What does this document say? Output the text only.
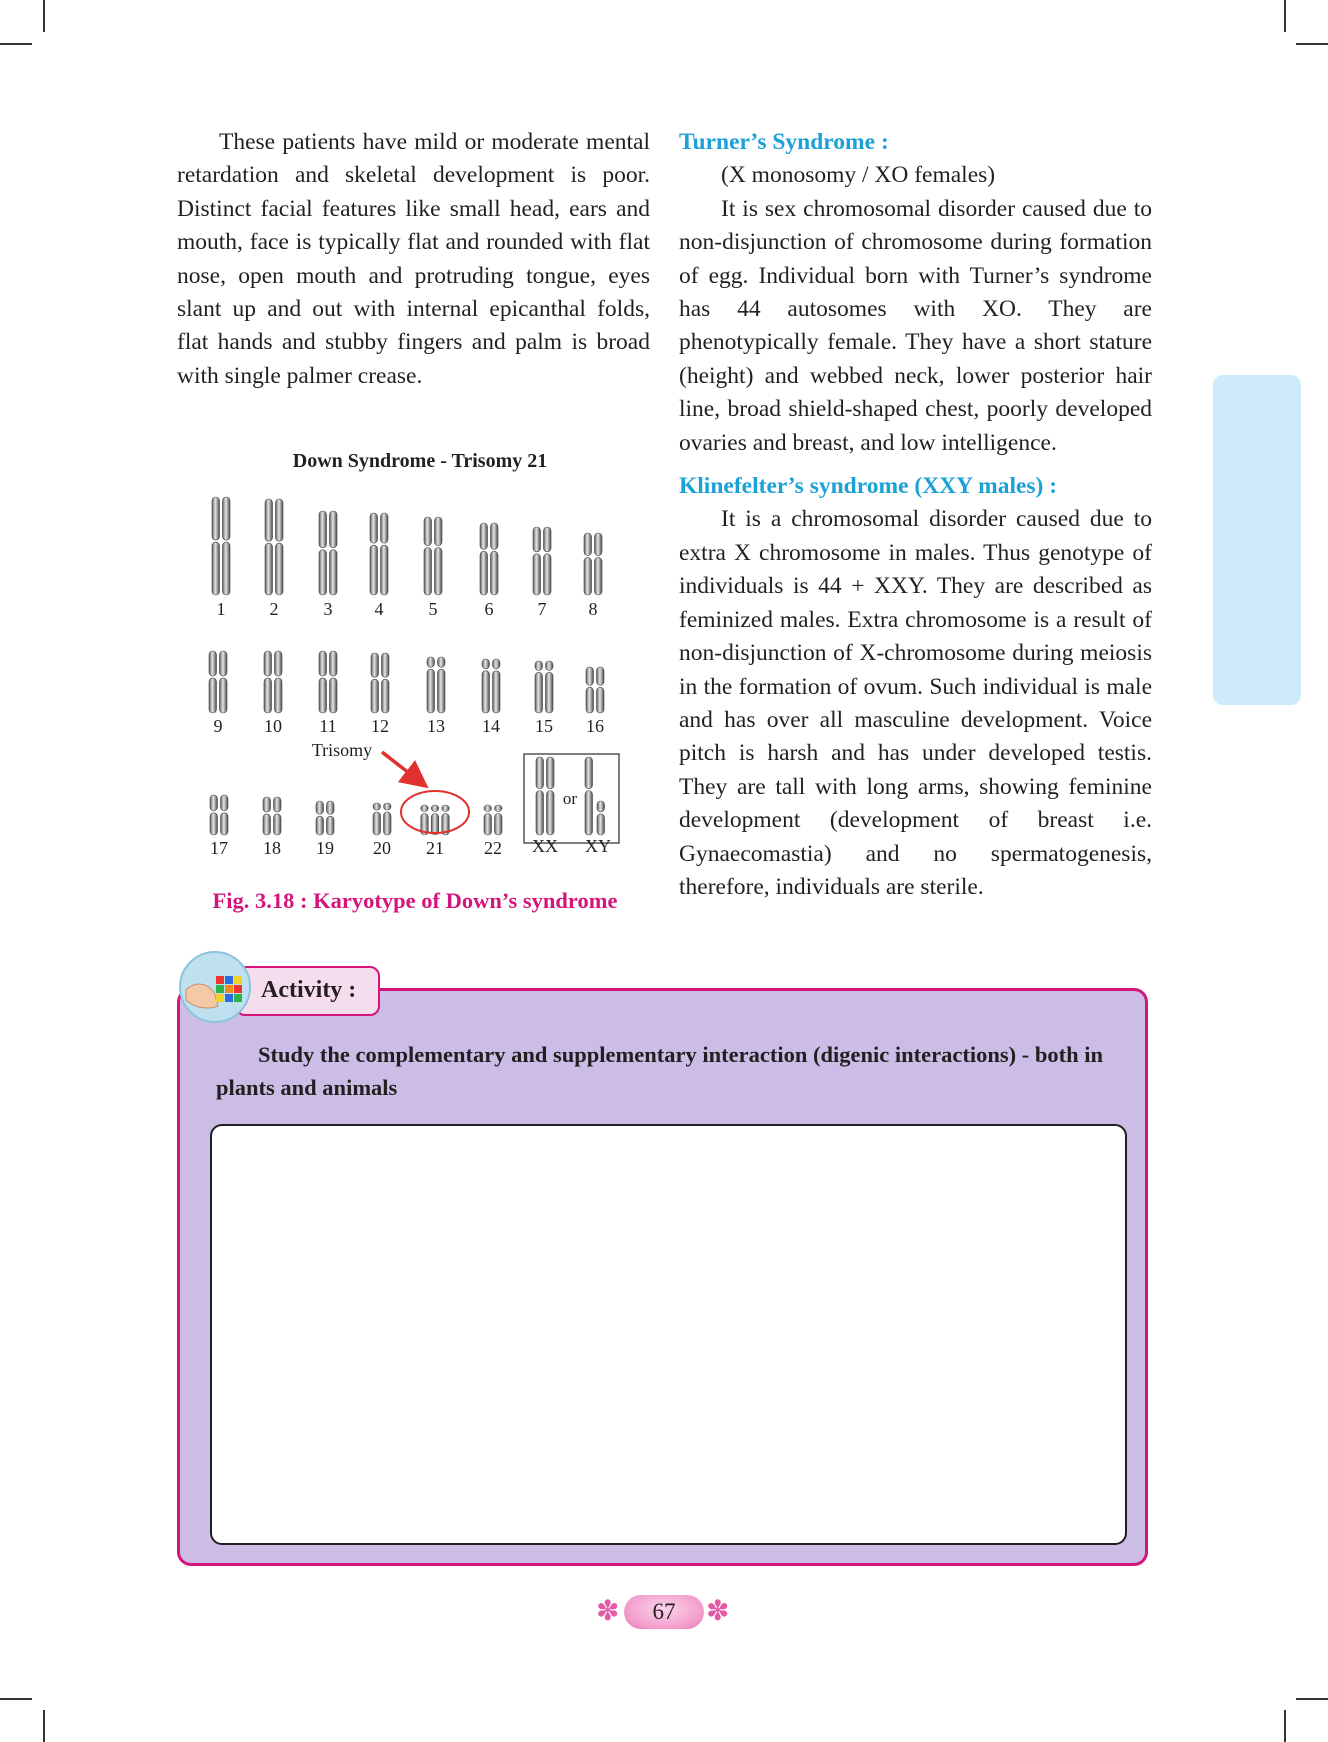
These patients have mild or moderate mental retardation and skeletal development is poor. Distinct facial features like small head, ears and mouth, face is typically flat and rounded with flat nose, open mouth and protruding tongue, eyes slant up and out with internal epicanthal folds, flat hands and stubby fingers and palm is broad with single palmer crease.

Down Syndrome - Trisomy 21
1 2	3 4	5	6 7 8
9 10 11 12 13 14 15 16
17 18 19 20 21 22 XX XY
Trisomy
or
Fig. 3.18 : Karyotype of Down’s syndrome

Turner’s Syndrome :

(X monosomy / XO females)

It is sex chromosomal disorder caused due to non-disjunction of chromosome during formation of egg. Individual born with Turner’s syndrome has 44 autosomes with XO. They are phenotypically female. They have a short stature (height) and webbed neck, lower posterior hair line, broad shield-shaped chest, poorly developed ovaries and breast, and low intelligence.

Klinefelter’s syndrome (XXY males) :

It is a chromosomal disorder caused due to extra X chromosome in males. Thus genotype of individuals is 44 + XXY. They are described as feminized males. Extra chromosome is a result of non-disjunction of X-chromosome during meiosis in the formation of ovum. Such individual is male and has over all masculine development. Voice pitch is harsh and has under developed testis. They are tall with long arms, showing feminine development (development of breast i.e. Gynaecomastia) and no spermatogenesis, therefore, individuals are sterile.

Activity :
Study the complementary and supplementary interaction (digenic interactions) - both in plants and animals
✽	67	✽
